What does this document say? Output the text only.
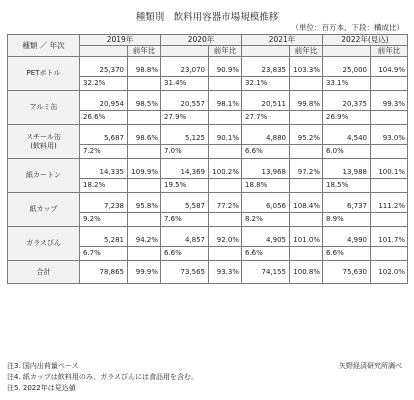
種類別　飲料用容器市場規模推移
（単位：百万本、下段：構成比）
種類 ／ 年次	2019年		2020年		2021年		2022年(見込)	
		前年比		前年比		前年比		前年比
PETボトル	25,370	98.8%	23,070	90.9%	23,835	103.3%	25,000	104.9%
	32.2%		31.4%		32.1%		33.1%	
アルミ缶	20,954	98.5%	20,557	98.1%	20,511	99.8%	20,375	99.3%
	26.6%		27.9%		27.7%		26.9%	
スチール缶
(飲料用)	5,687	98.6%	5,125	90.1%	4,880	95.2%	4,540	93.0%
	7.2%		7.0%		6.6%		6.0%	
紙カートン	14,335	109.9%	14,369	100.2%	13,968	97.2%	13,988	100.1%
	18.2%		19.5%		18.8%		18.5%	
紙カップ	7,238	95.8%	5,587	77.2%	6,056	108.4%	6,737	111.2%
	9.2%		7.6%		8.2%		8.9%	
ガラスびん	5,281	94.2%	4,857	92.0%	4,905	101.0%	4,990	101.7%
	6.7%		6.6%		6.6%		6.6%	
合計	78,865	99.9%	73,565	93.3%	74,155	100.8%	75,630	102.0%
注3. 国内出荷量ベース
注4. 紙カップは飲料用のみ、ガラスびんには食品用を含む。
注5. 2022年は見込値
矢野経済研究所調べ
